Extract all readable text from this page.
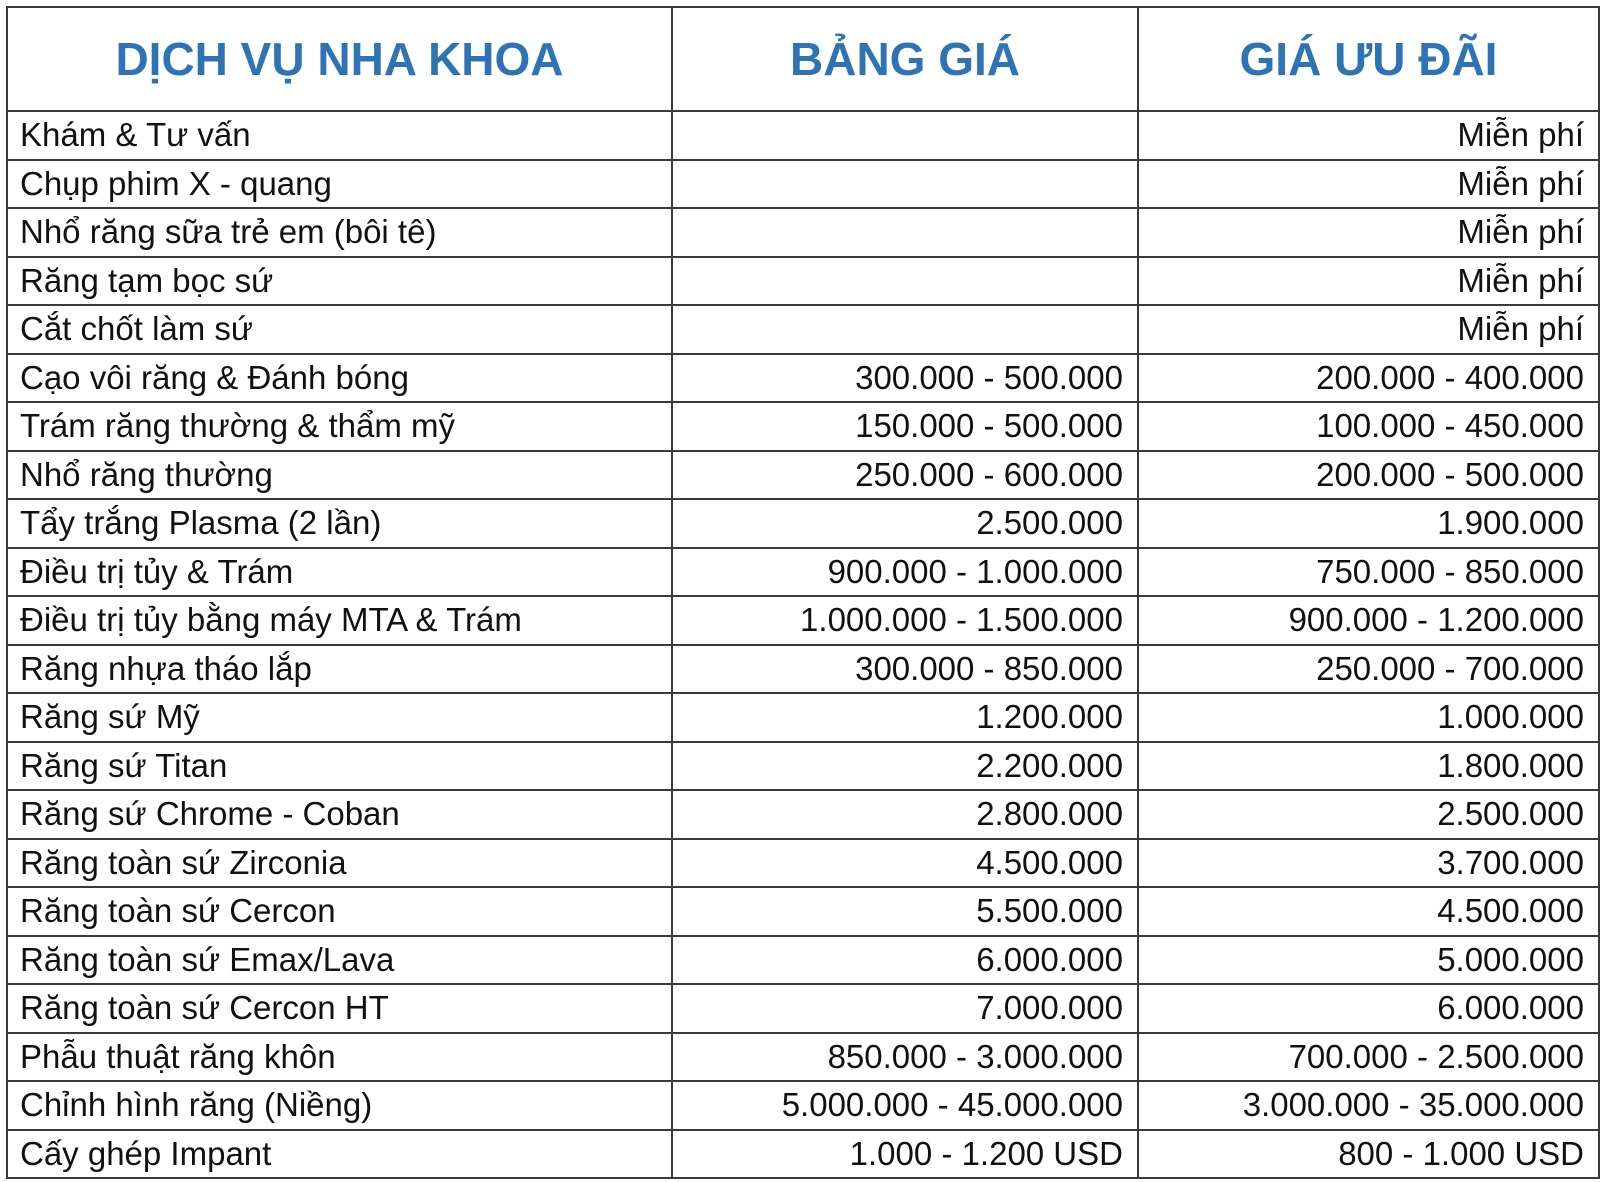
DỊCH VỤ NHA KHOA	BẢNG GIÁ	GIÁ ƯU ĐÃI
Khám & Tư vấn		Miễn phí
Chụp phim X - quang		Miễn phí
Nhổ răng sữa trẻ em (bôi tê)		Miễn phí
Răng tạm bọc sứ		Miễn phí
Cắt chốt làm sứ		Miễn phí
Cạo vôi răng & Đánh bóng	300.000 - 500.000	200.000 - 400.000
Trám răng thường & thẩm mỹ	150.000 - 500.000	100.000 - 450.000
Nhổ răng thường	250.000 - 600.000	200.000 - 500.000
Tẩy trắng Plasma (2 lần)	2.500.000	1.900.000
Điều trị tủy & Trám	900.000 - 1.000.000	750.000 - 850.000
Điều trị tủy bằng máy MTA & Trám	1.000.000 - 1.500.000	900.000 - 1.200.000
Răng nhựa tháo lắp	300.000 - 850.000	250.000 - 700.000
Răng sứ Mỹ	1.200.000	1.000.000
Răng sứ Titan	2.200.000	1.800.000
Răng sứ Chrome - Coban	2.800.000	2.500.000
Răng toàn sứ Zirconia	4.500.000	3.700.000
Răng toàn sứ Cercon	5.500.000	4.500.000
Răng toàn sứ Emax/Lava	6.000.000	5.000.000
Răng toàn sứ Cercon HT	7.000.000	6.000.000
Phẫu thuật răng khôn	850.000 - 3.000.000	700.000 - 2.500.000
Chỉnh hình răng (Niềng)	5.000.000 - 45.000.000	3.000.000 - 35.000.000
Cấy ghép Impant	1.000 - 1.200 USD	800 - 1.000 USD
